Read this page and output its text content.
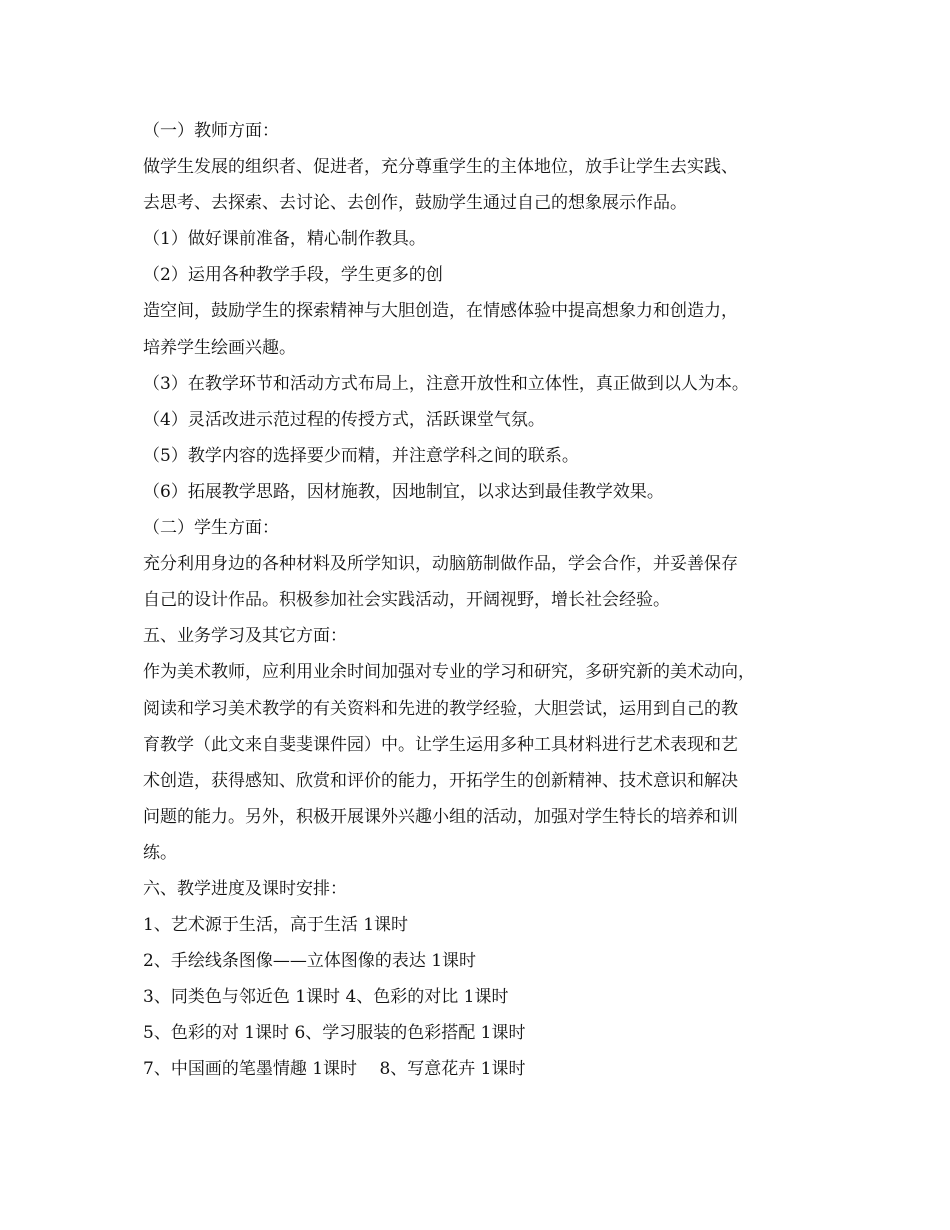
（一）教师方面：
做学生发展的组织者、促进者，充分尊重学生的主体地位，放手让学生去实践、
去思考、去探索、去讨论、去创作，鼓励学生通过自己的想象展示作品。
（1）做好课前准备，精心制作教具。
（2）运用各种教学手段，学生更多的创
造空间，鼓励学生的探索精神与大胆创造，在情感体验中提高想象力和创造力，
培养学生绘画兴趣。
（3）在教学环节和活动方式布局上，注意开放性和立体性，真正做到以人为本。
（4）灵活改进示范过程的传授方式，活跃课堂气氛。
（5）教学内容的选择要少而精，并注意学科之间的联系。
（6）拓展教学思路，因材施教，因地制宜，以求达到最佳教学效果。
（二）学生方面：
充分利用身边的各种材料及所学知识，动脑筋制做作品，学会合作，并妥善保存
自己的设计作品。积极参加社会实践活动，开阔视野，增长社会经验。
五、业务学习及其它方面：
作为美术教师，应利用业余时间加强对专业的学习和研究，多研究新的美术动向，
阅读和学习美术教学的有关资料和先进的教学经验，大胆尝试，运用到自己的教
育教学（此文来自斐斐课件园）中。让学生运用多种工具材料进行艺术表现和艺
术创造，获得感知、欣赏和评价的能力，开拓学生的创新精神、技术意识和解决
问题的能力。另外，积极开展课外兴趣小组的活动，加强对学生特长的培养和训
练。
六、教学进度及课时安排：
1、艺术源于生活，高于生活 1课时
2、手绘线条图像——立体图像的表达 1课时
3、同类色与邻近色 1课时 4、色彩的对比 1课时
5、色彩的对 1课时 6、学习服装的色彩搭配 1课时
7、中国画的笔墨情趣 1课时　 8、写意花卉 1课时
